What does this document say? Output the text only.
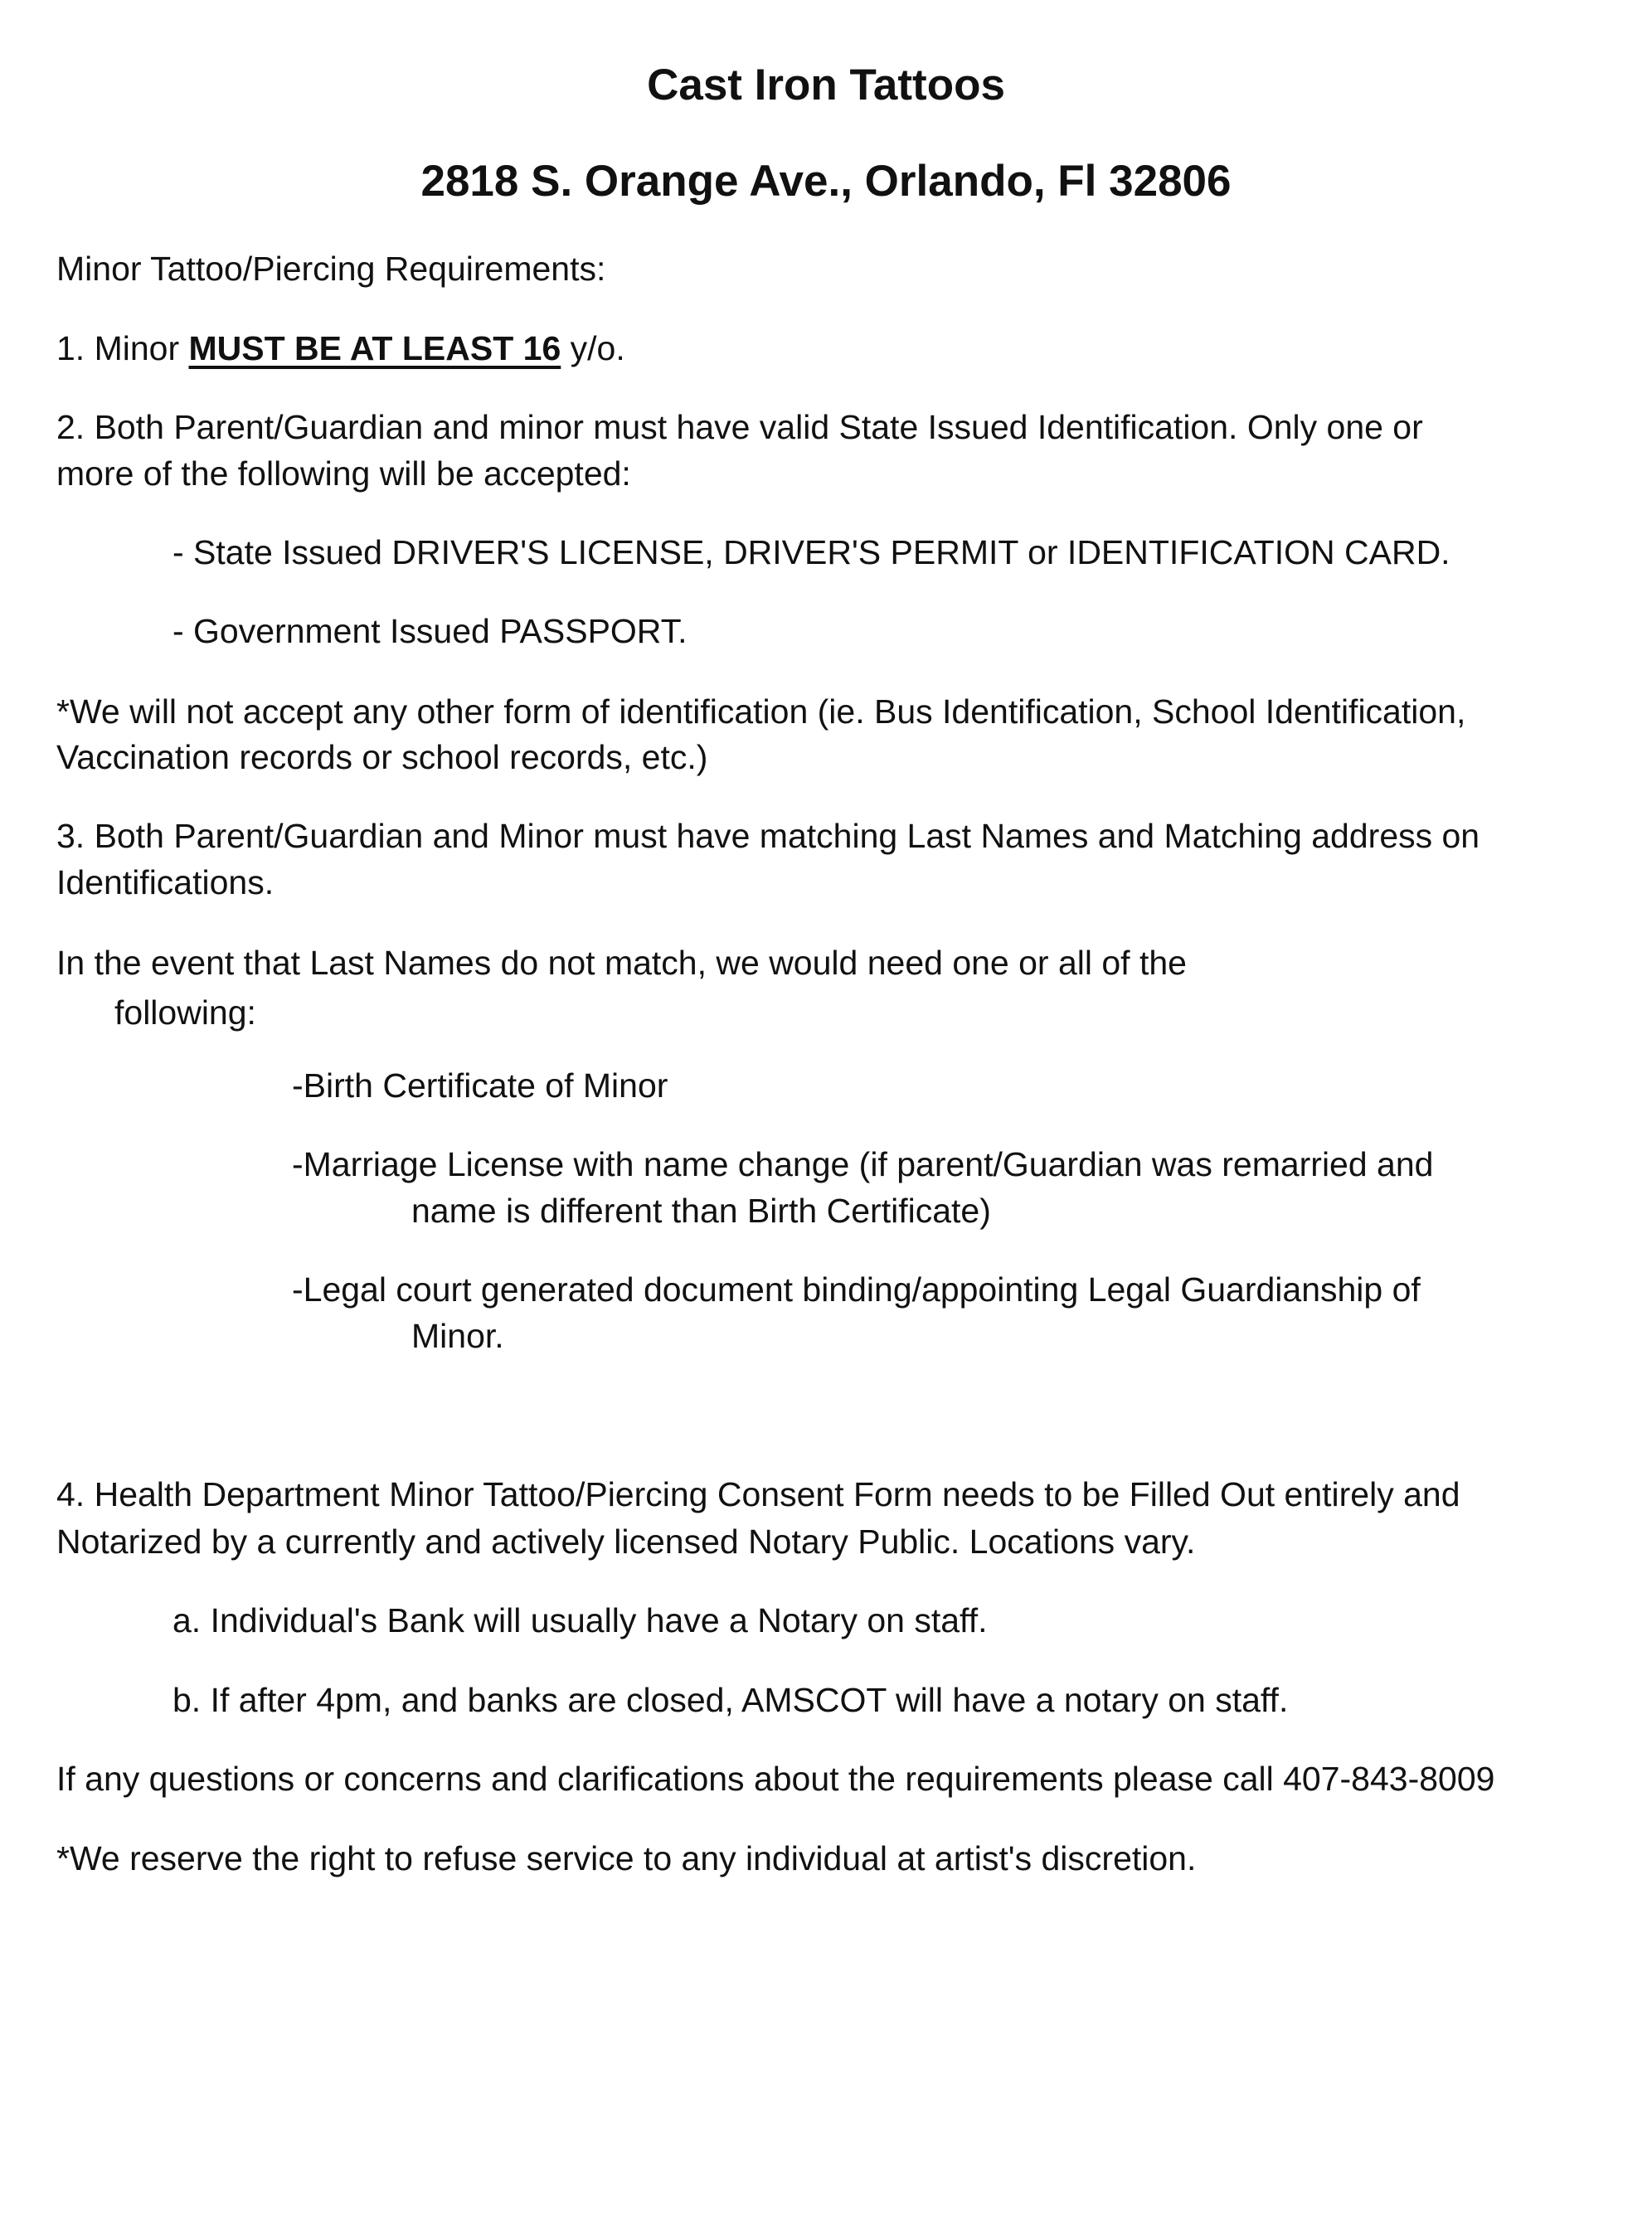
Cast Iron Tattoos
2818 S. Orange Ave., Orlando, Fl 32806

Minor Tattoo/Piercing Requirements:

1. Minor MUST BE AT LEAST 16 y/o.

2. Both Parent/Guardian and minor must have valid State Issued Identification. Only one or

more of the following will be accepted:

- State Issued DRIVER'S LICENSE, DRIVER'S PERMIT or IDENTIFICATION CARD.

- Government Issued PASSPORT.

*We will not accept any other form of identification (ie. Bus Identification, School Identification,

Vaccination records or school records, etc.)

3. Both Parent/Guardian and Minor must have matching Last Names and Matching address on

Identifications.

In the event that Last Names do not match, we would need one or all of the

following:

-Birth Certificate of Minor

-Marriage License with name change (if parent/Guardian was remarried and

name is different than Birth Certificate)

-Legal court generated document binding/appointing Legal Guardianship of

Minor.

4. Health Department Minor Tattoo/Piercing Consent Form needs to be Filled Out entirely and

Notarized by a currently and actively licensed Notary Public. Locations vary.

a. Individual's Bank will usually have a Notary on staff.

b. If after 4pm, and banks are closed, AMSCOT will have a notary on staff.

If any questions or concerns and clarifications about the requirements please call 407-843-8009

*We reserve the right to refuse service to any individual at artist's discretion.
